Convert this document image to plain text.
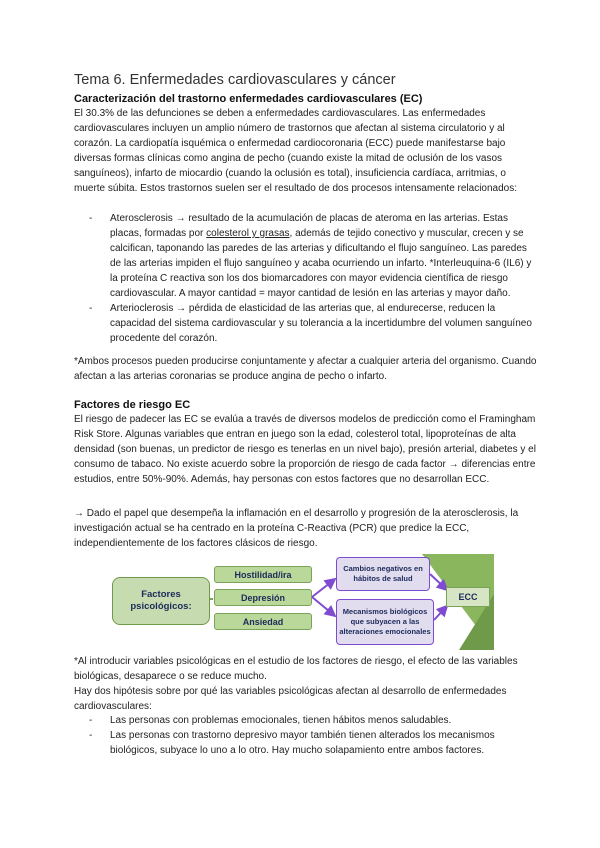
Tema 6. Enfermedades cardiovasculares y cáncer
Caracterización del trastorno enfermedades cardiovasculares (EC)

El 30.3% de las defunciones se deben a enfermedades cardiovasculares. Las enfermedades cardiovasculares incluyen un amplio número de trastornos que afectan al sistema circulatorio y al corazón. La cardiopatía isquémica o enfermedad cardiocoronaria (ECC) puede manifestarse bajo diversas formas clínicas como angina de pecho (cuando existe la mitad de oclusión de los vasos sanguíneos), infarto de miocardio (cuando la oclusión es total), insuficiencia cardíaca, arritmias, o muerte súbita. Estos trastornos suelen ser el resultado de dos procesos intensamente relacionados:

- Aterosclerosis → resultado de la acumulación de placas de ateroma en las arterias. Estas placas, formadas por colesterol y grasas, además de tejido conectivo y muscular, crecen y se calcifican, taponando las paredes de las arterias y dificultando el flujo sanguíneo. Las paredes de las arterias impiden el flujo sanguíneo y acaba ocurriendo un infarto. *Interleuquina-6 (IL6) y la proteína C reactiva son los dos biomarcadores con mayor evidencia científica de riesgo cardiovascular. A mayor cantidad = mayor cantidad de lesión en las arterias y mayor daño.
- Arterioclerosis → pérdida de elasticidad de las arterias que, al endurecerse, reducen la capacidad del sistema cardiovascular y su tolerancia a la incertidumbre del volumen sanguíneo procedente del corazón.

*Ambos procesos pueden producirse conjuntamente y afectar a cualquier arteria del organismo. Cuando afectan a las arterias coronarias se produce angina de pecho o infarto.

Factores de riesgo EC

El riesgo de padecer las EC se evalúa a través de diversos modelos de predicción como el Framingham Risk Store. Algunas variables que entran en juego son la edad, colesterol total, lipoproteínas de alta densidad (son buenas, un predictor de riesgo es tenerlas en un nivel bajo), presión arterial, diabetes y el consumo de tabaco. No existe acuerdo sobre la proporción de riesgo de cada factor → diferencias entre estudios, entre 50%-90%. Además, hay personas con estos factores que no desarrollan ECC.

→ Dado el papel que desempeña la inflamación en el desarrollo y progresión de la aterosclerosis, la investigación actual se ha centrado en la proteína C-Reactiva (PCR) que predice la ECC, independientemente de los factores clásicos de riesgo.

Factores psicológicos:
Hostilidad/ira
Depresión
Ansiedad
Cambios negativos en hábitos de salud
Mecanismos biológicos que subyacen a las alteraciones emocionales
ECC

*Al introducir variables psicológicas en el estudio de los factores de riesgo, el efecto de las variables biológicas, desaparece o se reduce mucho.

Hay dos hipótesis sobre por qué las variables psicológicas afectan al desarrollo de enfermedades cardiovasculares:

- Las personas con problemas emocionales, tienen hábitos menos saludables.
- Las personas con trastorno depresivo mayor también tienen alterados los mecanismos biológicos, subyace lo uno a lo otro. Hay mucho solapamiento entre ambos factores.
